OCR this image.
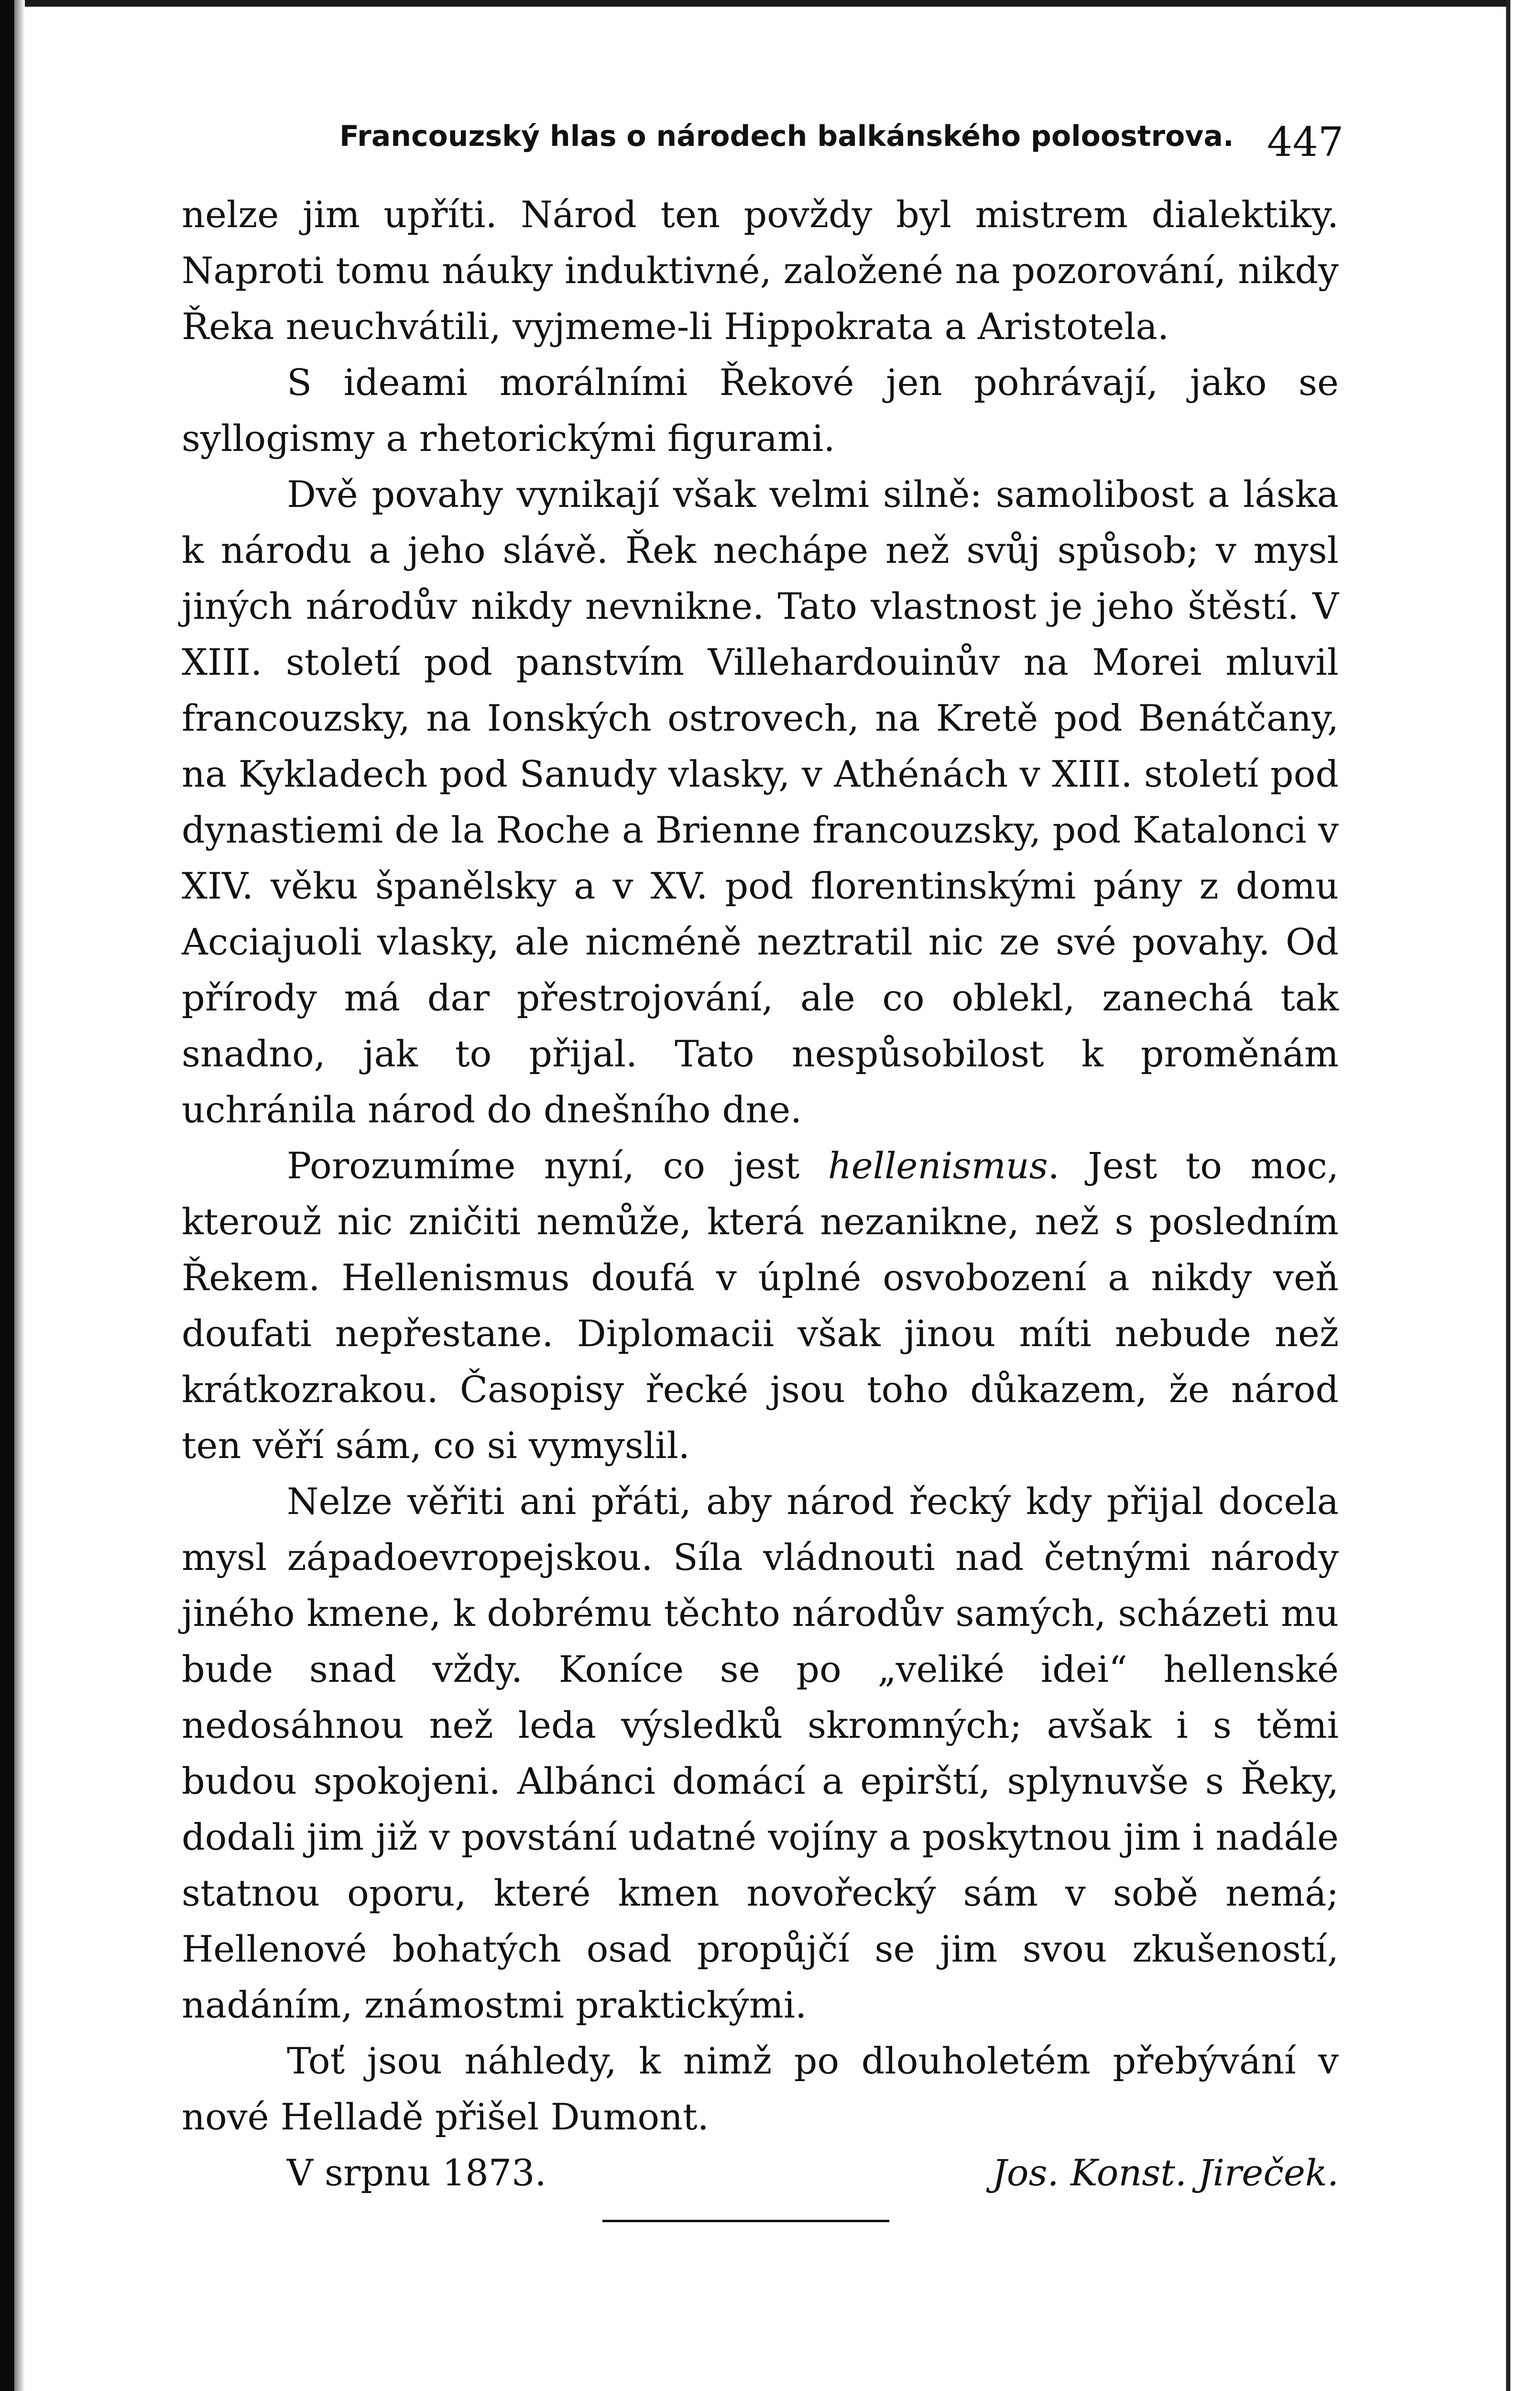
Francouzský hlas o národech balkánského poloostrova. 447

nelze jim upříti. Národ ten povždy byl mistrem dialektiky. Naproti tomu náuky induktivné, založené na pozorování, nikdy Řeka neuchvátili, vyjmeme-li Hippokrata a Aristotela.

S ideami morálními Řekové jen pohrávají, jako se syllogismy a rhetorickými figurami.

Dvě povahy vynikají však velmi silně: samolibost a láska k národu a jeho slávě. Řek nechápe než svůj spůsob; v mysl jiných národův nikdy nevnikne. Tato vlastnost je jeho štěstí. V XIII. století pod panstvím Villehardouinův na Morei mluvil francouzsky, na Ionských ostrovech, na Kretě pod Benátčany, na Kykladech pod Sanudy vlasky, v Athénách v XIII. století pod dynastiemi de la Roche a Brienne francouzsky, pod Katalonci v XIV. věku španělsky a v XV. pod florentinskými pány z domu Acciajuoli vlasky, ale nicméně neztratil nic ze své povahy. Od přírody má dar přestrojování, ale co oblekl, zanechá tak snadno, jak to přijal. Tato nespůsobilost k proměnám uchránila národ do dnešního dne.

Porozumíme nyní, co jest hellenismus. Jest to moc, kterouž nic zničiti nemůže, která nezanikne, než s posledním Řekem. Hellenismus doufá v úplné osvobození a nikdy veň doufati nepřestane. Diplomacii však jinou míti nebude než krátkozrakou. Časopisy řecké jsou toho důkazem, že národ ten věří sám, co si vymyslil.

Nelze věřiti ani přáti, aby národ řecký kdy přijal docela mysl západoevropejskou. Síla vládnouti nad četnými národy jiného kmene, k dobrému těchto národův samých, scházeti mu bude snad vždy. Koníce se po „veliké idei“ hellenské nedosáhnou než leda výsledků skromných; avšak i s těmi budou spokojeni. Albánci domácí a epirští, splynuvše s Řeky, dodali jim již v povstání udatné vojíny a poskytnou jim i nadále statnou oporu, které kmen novořecký sám v sobě nemá; Hellenové bohatých osad propůjčí se jim svou zkušeností, nadáním, známostmi praktickými.

Toť jsou náhledy, k nimž po dlouholetém přebývání v nové Helladě přišel Dumont.

V srpnu 1873.	Jos. Konst. Jireček.
